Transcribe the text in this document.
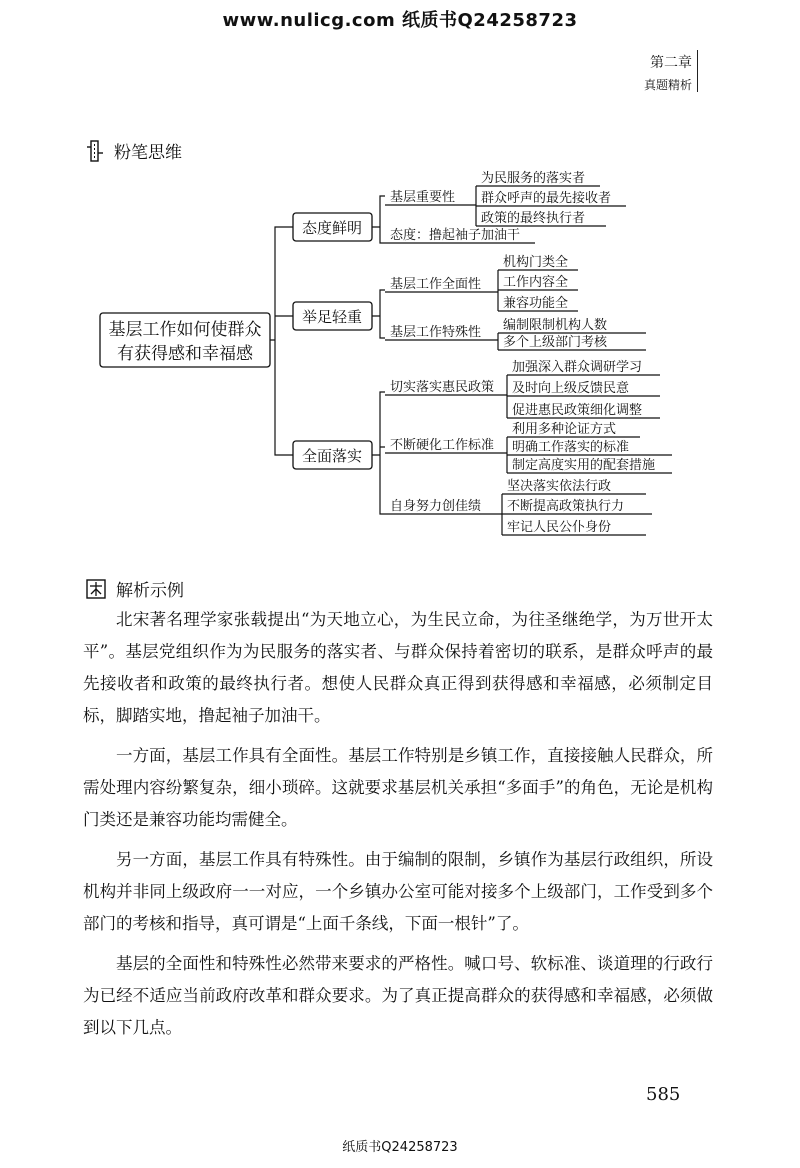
www.nulicg.com 纸质书Q24258723
第二章
真题精析
粉笔思维
基层工作如何使群众
有获得感和幸福感
态度鲜明
举足轻重
全面落实
基层重要性
态度：撸起袖子加油干
为民服务的落实者
群众呼声的最先接收者
政策的最终执行者
基层工作全面性
基层工作特殊性
机构门类全
工作内容全
兼容功能全
编制限制机构人数
多个上级部门考核
切实落实惠民政策
不断硬化工作标准
自身努力创佳绩
加强深入群众调研学习
及时向上级反馈民意
促进惠民政策细化调整
利用多种论证方式
明确工作落实的标准
制定高度实用的配套措施
坚决落实依法行政
不断提高政策执行力
牢记人民公仆身份
解析示例

北宋著名理学家张载提出“为天地立心，为生民立命，为往圣继绝学，为万世开太平”。基层党组织作为为民服务的落实者、与群众保持着密切的联系，是群众呼声的最先接收者和政策的最终执行者。想使人民群众真正得到获得感和幸福感，必须制定目标，脚踏实地，撸起袖子加油干。

一方面，基层工作具有全面性。基层工作特别是乡镇工作，直接接触人民群众，所需处理内容纷繁复杂，细小琐碎。这就要求基层机关承担“多面手”的角色，无论是机构门类还是兼容功能均需健全。

另一方面，基层工作具有特殊性。由于编制的限制，乡镇作为基层行政组织，所设机构并非同上级政府一一对应，一个乡镇办公室可能对接多个上级部门，工作受到多个部门的考核和指导，真可谓是“上面千条线，下面一根针”了。

基层的全面性和特殊性必然带来要求的严格性。喊口号、软标准、谈道理的行政行为已经不适应当前政府改革和群众要求。为了真正提高群众的获得感和幸福感，必须做到以下几点。

585
纸质书Q24258723
